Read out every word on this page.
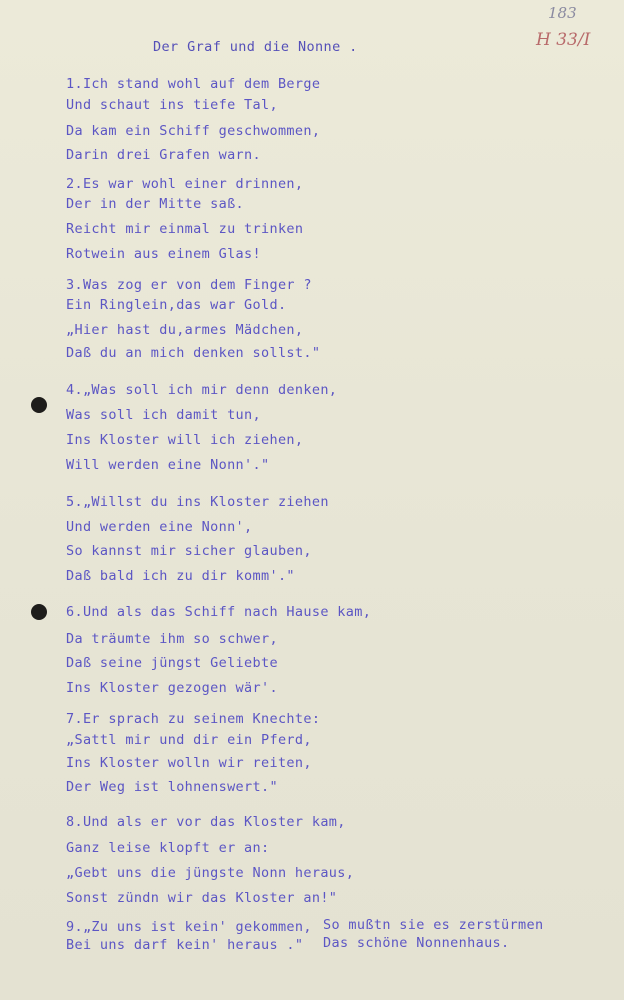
183
H 33/I
Der Graf und die Nonne .
1.Ich stand wohl auf dem Berge
Und schaut ins tiefe Tal,
Da kam ein Schiff geschwommen,
Darin drei Grafen warn.
2.Es war wohl einer drinnen,
Der in der Mitte saß.
Reicht mir einmal zu trinken
Rotwein aus einem Glas!
3.Was zog er von dem Finger ?
Ein Ringlein,das war Gold.
„Hier hast du,armes Mädchen,
Daß du an mich denken sollst."
4.„Was soll ich mir denn denken,
Was soll ich damit tun,
Ins Kloster will ich ziehen,
Will werden eine Nonn'."
5.„Willst du ins Kloster ziehen
Und werden eine Nonn',
So kannst mir sicher glauben,
Daß bald ich zu dir komm'."
6.Und als das Schiff nach Hause kam,
Da träumte ihm so schwer,
Daß seine jüngst Geliebte
Ins Kloster gezogen wär'.
7.Er sprach zu seinem Knechte:
„Sattl mir und dir ein Pferd,
Ins Kloster wolln wir reiten,
Der Weg ist lohnenswert."
8.Und als er vor das Kloster kam,
Ganz leise klopft er an:
„Gebt uns die jüngste Nonn heraus,
Sonst zündn wir das Kloster an!"
9.„Zu uns ist kein' gekommen,
Bei uns darf kein' heraus ."
So mußtn sie es zerstürmen
Das schöne Nonnenhaus.
